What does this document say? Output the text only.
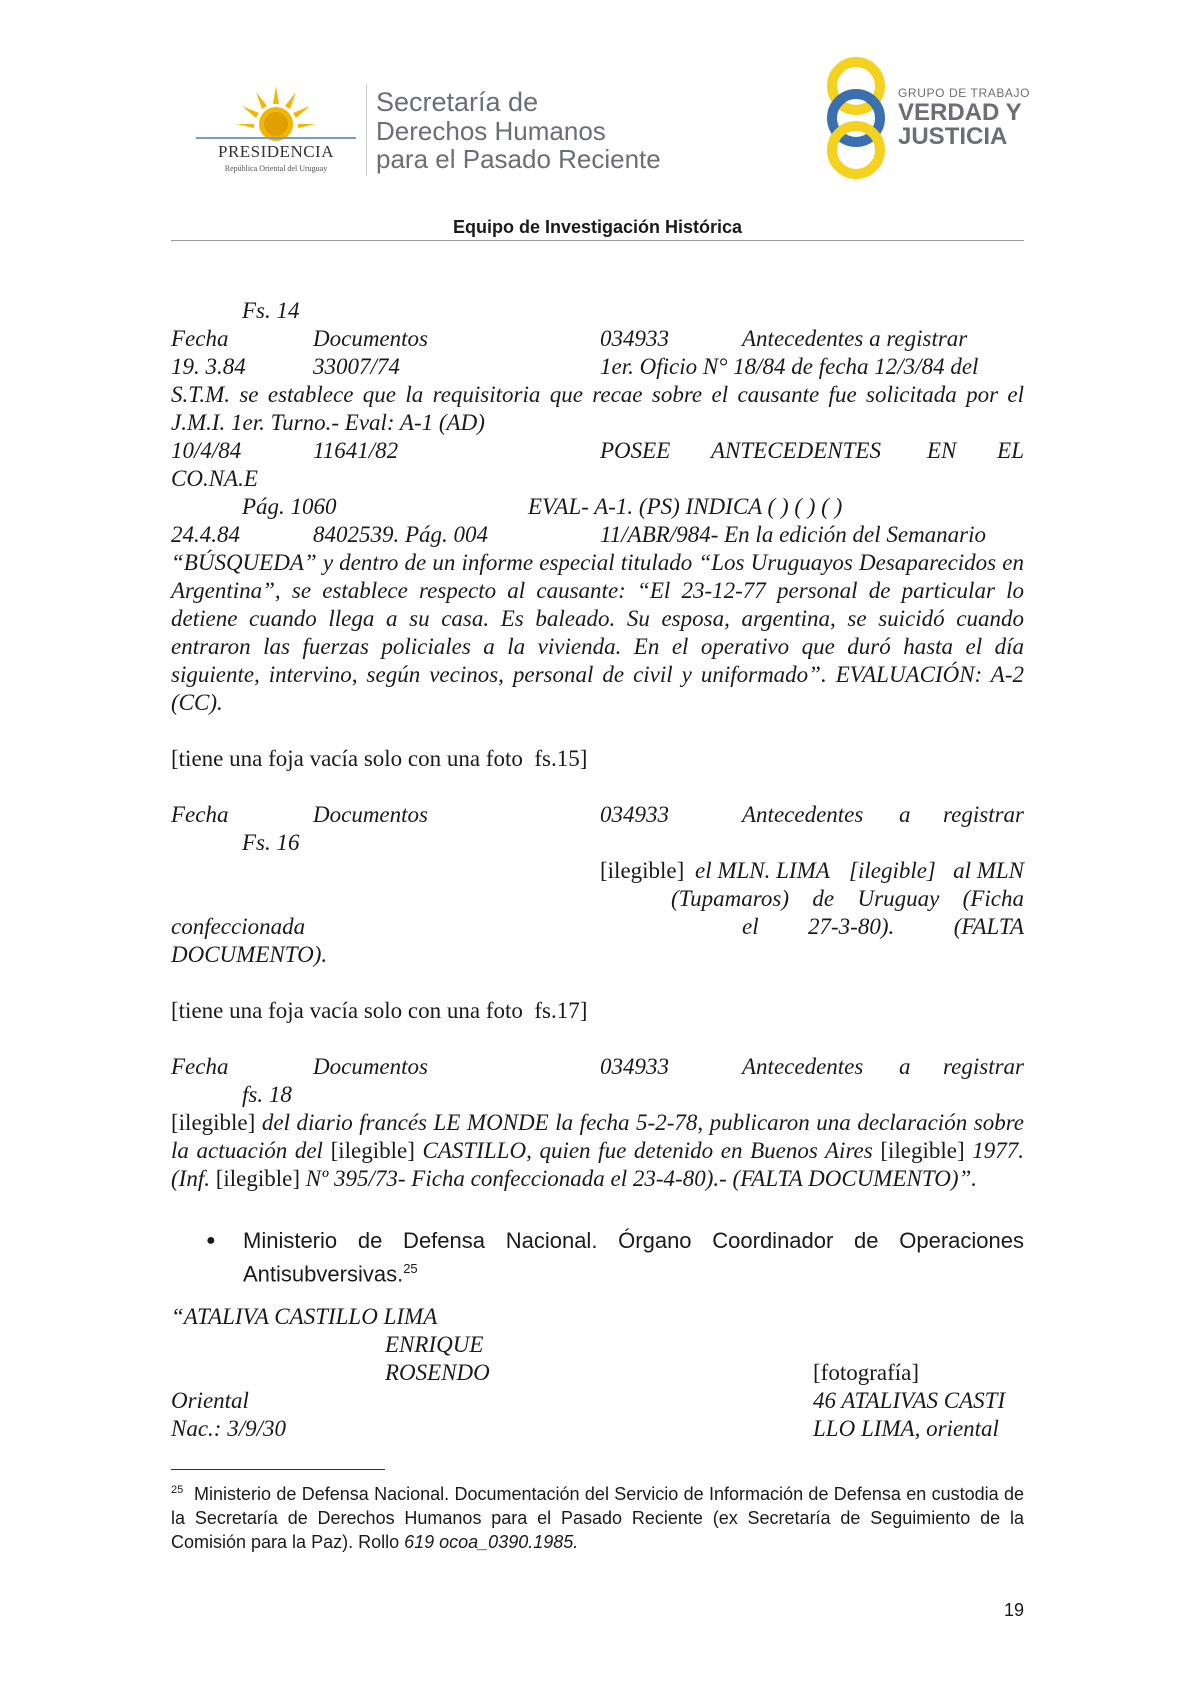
PRESIDENCIA
República Oriental del Uruguay
Secretaría de
Derechos Humanos
para el Pasado Reciente
GRUPO DE TRABAJO
VERDAD Y
JUSTICIA
Equipo de Investigación Histórica
Fs. 14
Fecha	Documentos	034933	Antecedentes a registrar
19. 3.84	33007/74	1er. Oficio N° 18/84 de fecha 12/3/84 del
S.T.M. se establece que la requisitoria que recae sobre el causante fue solicitada por el J.M.I. 1er. Turno.- Eval: A-1 (AD)
10/4/84	11641/82	POSEE ANTECEDENTES EN EL
CO.NA.E
Pág. 1060	EVAL- A-1. (PS) INDICA ( ) ( ) ( )
24.4.84	8402539. Pág. 004	11/ABR/984- En la edición del Semanario
“BÚSQUEDA” y dentro de un informe especial titulado “Los Uruguayos Desaparecidos en Argentina”, se establece respecto al causante: “El 23-12-77 personal de particular lo detiene cuando llega a su casa. Es baleado. Su esposa, argentina, se suicidó cuando entraron las fuerzas policiales a la vivienda. En el operativo que duró hasta el día siguiente, intervino, según vecinos, personal de civil y uniformado”. EVALUACIÓN: A-2 (CC).
[tiene una foja vacía solo con una foto  fs.15]
Fecha	Documentos	034933	Antecedentes a registrar
Fs. 16
[ilegible] el MLN. LIMA [ilegible] al MLN
(Tupamaros) de Uruguay (Ficha
confeccionada	el 27-3-80).	(FALTA
DOCUMENTO).
[tiene una foja vacía solo con una foto  fs.17]
Fecha	Documentos	034933	Antecedentes a registrar
fs. 18
[ilegible] del diario francés LE MONDE la fecha 5-2-78, publicaron una declaración sobre la actuación del [ilegible] CASTILLO, quien fue detenido en Buenos Aires [ilegible] 1977. (Inf. [ilegible] Nº 395/73- Ficha confeccionada el 23-4-80).- (FALTA DOCUMENTO)”.
● Ministerio de Defensa Nacional. Órgano Coordinador de Operaciones Antisubversivas.$^{25}$
“ATALIVA CASTILLO LIMA
ENRIQUE
ROSENDO	[fotografía]
Oriental	46 ATALIVAS CASTI
Nac.: 3/9/30	LLO LIMA, oriental
$^{25}$ Ministerio de Defensa Nacional. Documentación del Servicio de Información de Defensa en custodia de la Secretaría de Derechos Humanos para el Pasado Reciente (ex Secretaría de Seguimiento de la Comisión para la Paz). Rollo 619 ocoa_0390.1985.
19
